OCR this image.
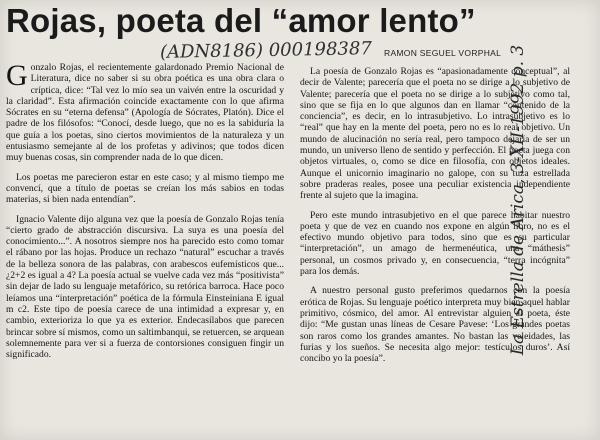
Rojas, poeta del “amor lento”
(ADN8186) 000198387 RAMON SEGUEL VORPHAL

Gonzalo Rojas, el recientemente galardonado Premio Nacional de Literatura, dice no saber si su obra poética es una obra clara o críptica, dice: “Tal vez lo mío sea un vaivén entre la oscuridad y la claridad”. Esta afirmación coincide exactamente con lo que afirma Sócrates en su “eterna defensa” (Apología de Sócrates, Platón). Dice el padre de los filósofos: “Conocí, desde luego, que no es la sabiduría la que guía a los poetas, sino ciertos movimientos de la naturaleza y un entusiasmo semejante al de los profetas y adivinos; que todos dicen muy buenas cosas, sin comprender nada de lo que dicen.

Los poetas me parecieron estar en este caso; y al mismo tiempo me convencí, que a título de poetas se creían los más sabios en todas materias, si bien nada entendían”.

Ignacio Valente dijo alguna vez que la poesía de Gonzalo Rojas tenía “cierto grado de abstracción discursiva. La suya es una poesía del conocimiento...”. A nosotros siempre nos ha parecido esto como tomar el rábano por las hojas. Produce un rechazo “natural” escuchar a través de la belleza sonora de las palabras, con arabescos eufemísticos que... ¿2+2 es igual a 4? La poesía actual se vuelve cada vez más “positivista” sin dejar de lado su lenguaje metafórico, su retórica barroca. Hace poco leíamos una “interpretación” poética de la fórmula Einsteiniana E igual m c2. Este tipo de poesía carece de una intimidad a expresar y, en cambio, exterioriza lo que ya es exterior. Endecasílabos que parecen brincar sobre sí mismos, como un saltimbanqui, se retuercen, se arquean solemnemente para ver si a fuerza de contorsiones consiguen fingir un significado.

La poesía de Gonzalo Rojas es “apasionadamente conceptual”, al decir de Valente; parecería que el poeta no se dirige a lo subjetivo de Valente; parecería que el poeta no se dirige a lo subjetivo como tal, sino que se fija en lo que algunos dan en llamar “contenido de la conciencia”, es decir, en lo intrasubjetivo. Lo intrasubjetivo es lo “real” que hay en la mente del poeta, pero no es lo real objetivo. Un mundo de alucinación no sería real, pero tampoco dejaría de ser un mundo, un universo lleno de sentido y perfección. El poeta juega con objetos virtuales, o, como se dice en filosofía, con objetos ideales. Aunque el unicornio imaginario no galope, con su tuza estrellada sobre praderas reales, posee una peculiar existencia independiente frente al sujeto que la imagina.

Pero este mundo intrasubjetivo en el que parece habitar nuestro poeta y que de vez en cuando nos expone en algún libro, no es el efectivo mundo objetivo para todos, sino que es su particular “interpretación”, un amago de hermenéutica, una “máthesis” personal, un cosmos privado y, en consecuencia, “terra incógnita” para los demás.

A nuestro personal gusto preferimos quedarnos con la poesía erótica de Rojas. Su lenguaje poético interpreta muy bien aquel hablar primitivo, cósmico, del amor. Al entrevistar alguien al poeta, éste dijo: “Me gustan unas líneas de Cesare Pavese: ‘Los grandes poetas son raros como los grandes amantes. No bastan las veleidades, las furias y los sueños. Se necesita algo mejor: testículos duros’. Así concibo yo la poesía”.

La Estrella de Arica, 3-XII-1992 p. 3
